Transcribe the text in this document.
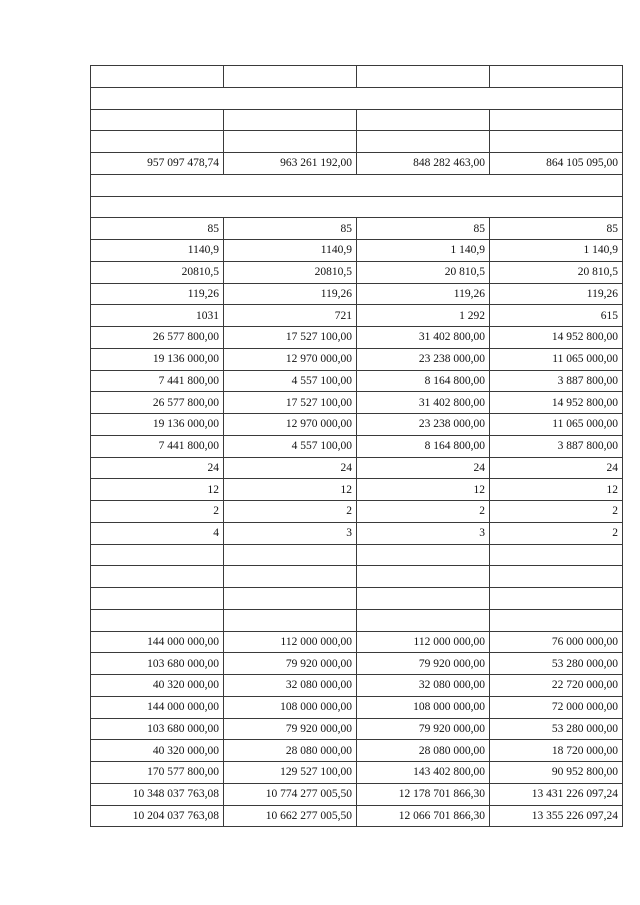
957 097 478,74	963 261 192,00	848 282 463,00	864 105 095,00

85	85	85	85
1140,9	1140,9	1 140,9	1 140,9
20810,5	20810,5	20 810,5	20 810,5
119,26	119,26	119,26	119,26
1031	721	1 292	615
26 577 800,00	17 527 100,00	31 402 800,00	14 952 800,00
19 136 000,00	12 970 000,00	23 238 000,00	11 065 000,00
7 441 800,00	4 557 100,00	8 164 800,00	3 887 800,00
26 577 800,00	17 527 100,00	31 402 800,00	14 952 800,00
19 136 000,00	12 970 000,00	23 238 000,00	11 065 000,00
7 441 800,00	4 557 100,00	8 164 800,00	3 887 800,00
24	24	24	24
12	12	12	12
2	2	2	2
4	3	3	2

144 000 000,00	112 000 000,00	112 000 000,00	76 000 000,00
103 680 000,00	79 920 000,00	79 920 000,00	53 280 000,00
40 320 000,00	32 080 000,00	32 080 000,00	22 720 000,00
144 000 000,00	108 000 000,00	108 000 000,00	72 000 000,00
103 680 000,00	79 920 000,00	79 920 000,00	53 280 000,00
40 320 000,00	28 080 000,00	28 080 000,00	18 720 000,00
170 577 800,00	129 527 100,00	143 402 800,00	90 952 800,00
10 348 037 763,08	10 774 277 005,50	12 178 701 866,30	13 431 226 097,24
10 204 037 763,08	10 662 277 005,50	12 066 701 866,30	13 355 226 097,24
